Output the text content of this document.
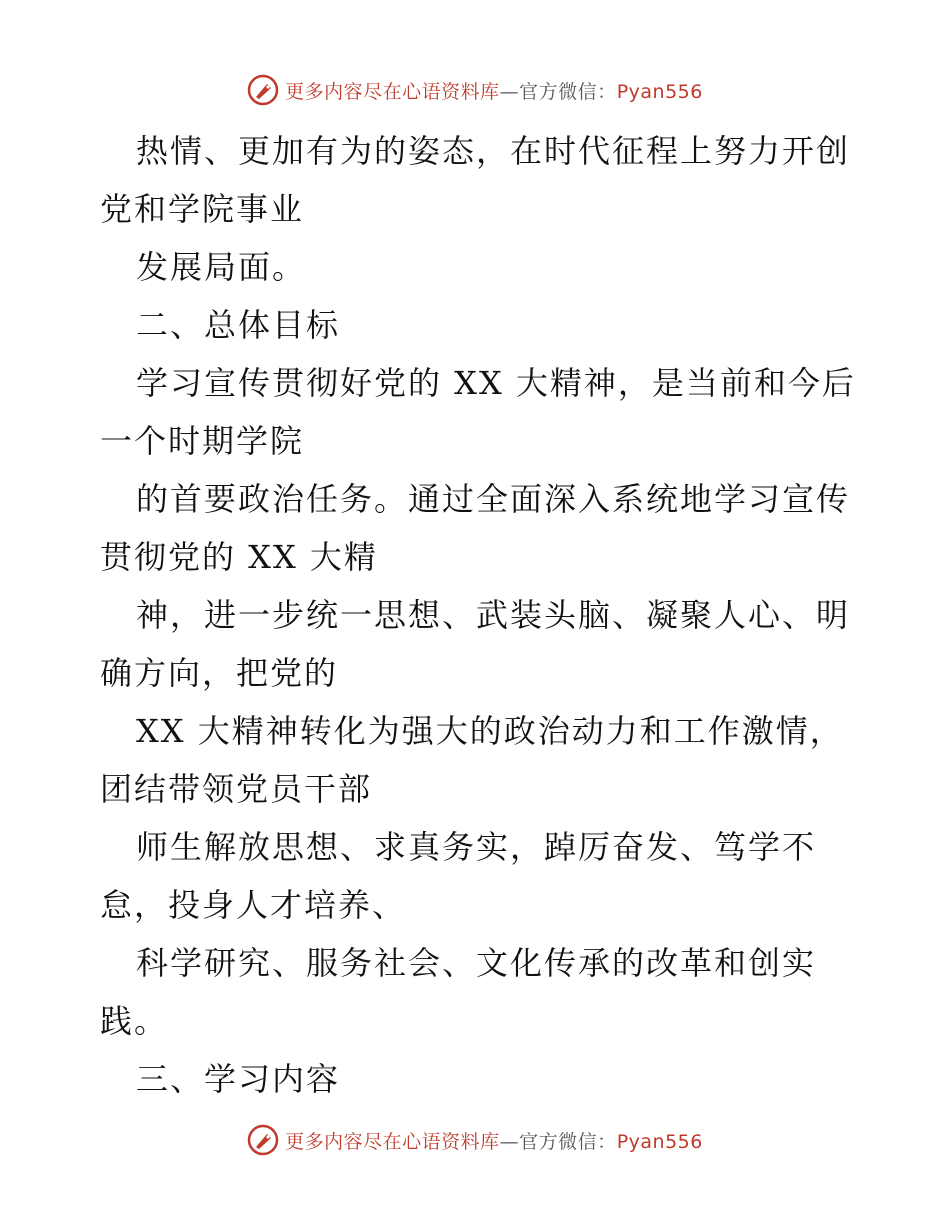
更多内容尽在心语资料库—官方微信：Pyan556
热情、更加有为的姿态，在时代征程上努力开创
党和学院事业
发展局面。
二、总体目标
学习宣传贯彻好党的 XX 大精神，是当前和今后
一个时期学院
的首要政治任务。通过全面深入系统地学习宣传
贯彻党的 XX 大精
神，进一步统一思想、武装头脑、凝聚人心、明
确方向，把党的
XX 大精神转化为强大的政治动力和工作激情，
团结带领党员干部
师生解放思想、求真务实，踔厉奋发、笃学不
怠，投身人才培养、
科学研究、服务社会、文化传承的改革和创实
践。
三、学习内容
更多内容尽在心语资料库—官方微信：Pyan556
